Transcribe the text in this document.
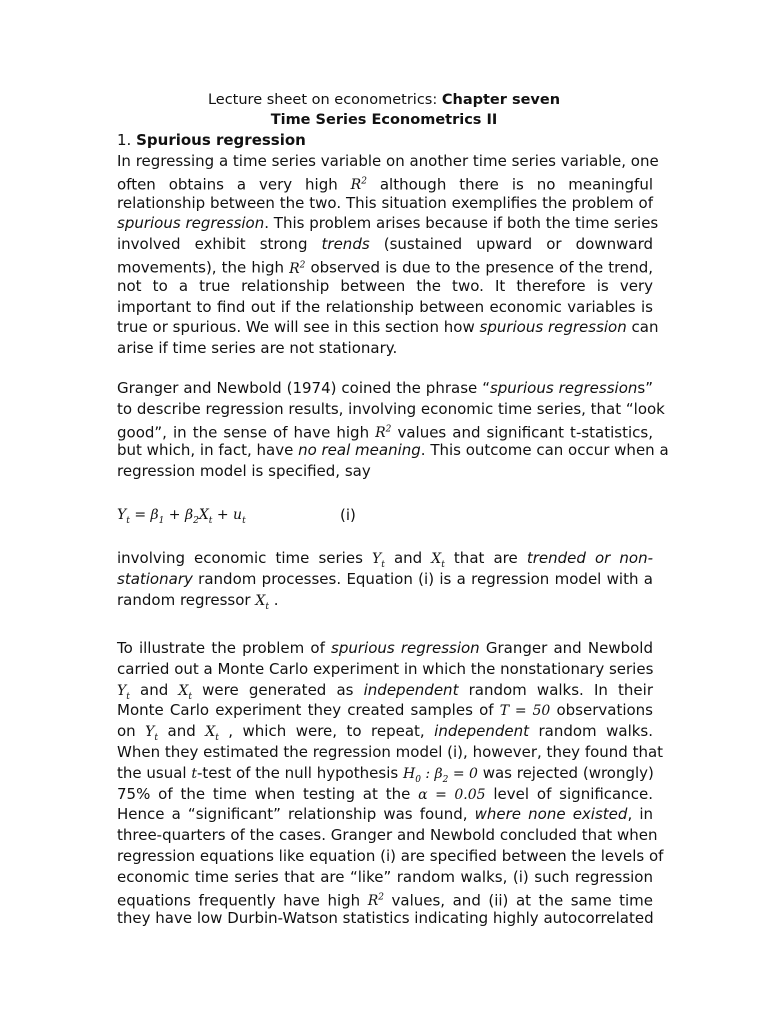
Lecture sheet on econometrics: Chapter seven
Time Series Econometrics II
1. Spurious regression
In regressing a time series variable on another time series variable, one
often obtains a very high $R^2$ although there is no meaningful
relationship between the two. This situation exemplifies the problem of
spurious regression. This problem arises because if both the time series
involved exhibit strong trends (sustained upward or downward
movements), the high $R^2$ observed is due to the presence of the trend,
not to a true relationship between the two. It therefore is very
important to find out if the relationship between economic variables is
true or spurious. We will see in this section how spurious regression can
arise if time series are not stationary.
Granger and Newbold (1974) coined the phrase “spurious regressions”
to describe regression results, involving economic time series, that “look
good”, in the sense of have high $R^2$ values and significant t-statistics,
but which, in fact, have no real meaning. This outcome can occur when a
regression model is specified, say
$Y_t = \beta_1 + \beta_2X_t + u_t$	(i)
involving economic time series $Y_t$ and $X_t$ that are trended or non-
stationary random processes. Equation (i) is a regression model with a
random regressor $X_t$ .
To illustrate the problem of spurious regression Granger and Newbold
carried out a Monte Carlo experiment in which the nonstationary series
$Y_t$ and $X_t$ were generated as independent random walks. In their
Monte Carlo experiment they created samples of T = 50 observations
on $Y_t$ and $X_t$ , which were, to repeat, independent random walks.
When they estimated the regression model (i), however, they found that
the usual t-test of the null hypothesis $H_0$ : $\beta_2 = 0$ was rejected (wrongly)
75% of the time when testing at the α = 0.05 level of significance.
Hence a “significant” relationship was found, where none existed, in
three-quarters of the cases. Granger and Newbold concluded that when
regression equations like equation (i) are specified between the levels of
economic time series that are “like” random walks, (i) such regression
equations frequently have high $R^2$ values, and (ii) at the same time
they have low Durbin-Watson statistics indicating highly autocorrelated
